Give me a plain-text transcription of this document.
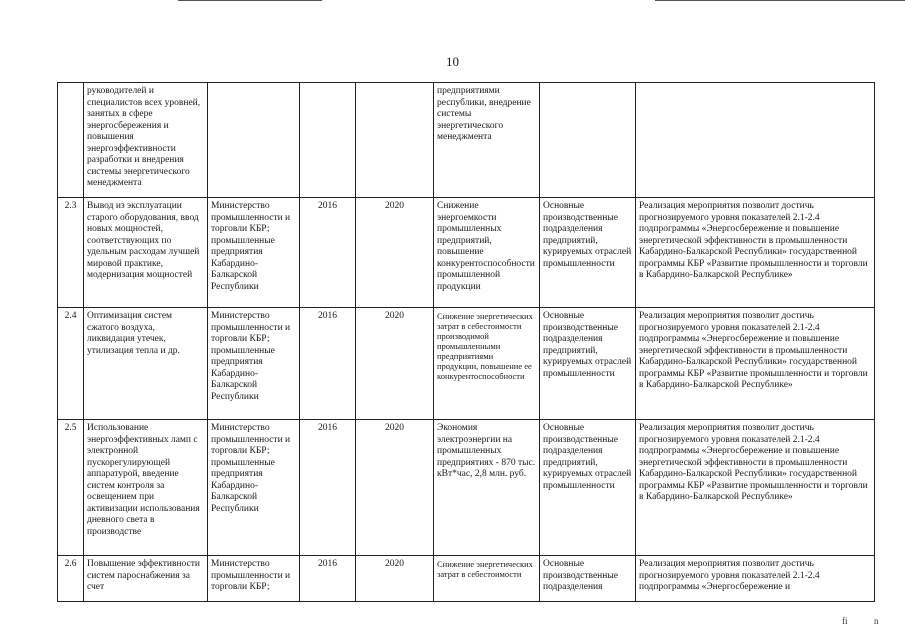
10
	руководителей и специалистов всех уровней, занятых в сфере энергосбережения и повышения энергоэффективности разработки и внедрения системы энергетического менеджмента				предприятиями республики, внедрение системы энергетического менеджмента		
2.3	Вывод из эксплуатации старого оборудования, ввод новых мощностей, соответствующих по удельным расходам лучшей мировой практике, модернизация мощностей	Министерство промышленности и торговли КБР; промышленные предприятия Кабардино-Балкарской Республики	2016	2020	Снижение энергоемкости промышленных предприятий, повышение конкурентоспособности промышленной продукции	Основные производственные подразделения предприятий, курируемых отраслей промышленности	Реализация мероприятия позволит достичь прогнозируемого уровня показателей 2.1-2.4 подпрограммы «Энергосбережение и повышение энергетической эффективности в промышленности Кабардино-Балкарской Республики» государственной программы КБР «Развитие промышленности и торговли в Кабардино-Балкарской Республике»
2.4	Оптимизация систем сжатого воздуха, ликвидация утечек, утилизация тепла и др.	Министерство промышленности и торговли КБР; промышленные предприятия Кабардино-Балкарской Республики	2016	2020	Снижение энергетических затрат в себестоимости производимой промышленными предприятиями продукции, повышение ее конкурентоспособности	Основные производственные подразделения предприятий, курируемых отраслей промышленности	Реализация мероприятия позволит достичь прогнозируемого уровня показателей 2.1-2.4 подпрограммы «Энергосбережение и повышение энергетической эффективности в промышленности Кабардино-Балкарской Республики» государственной программы КБР «Развитие промышленности и торговли в Кабардино-Балкарской Республике»
2.5	Использование энергоэффективных ламп с электронной пускорегулирующей аппаратурой, введение систем контроля за освещением при активизации использования дневного света в производстве	Министерство промышленности и торговли КБР; промышленные предприятия Кабардино-Балкарской Республики	2016	2020	Экономия электроэнергии на промышленных предприятиях - 870 тыс. кВт*час, 2,8 млн. руб.	Основные производственные подразделения предприятий, курируемых отраслей промышленности	Реализация мероприятия позволит достичь прогнозируемого уровня показателей 2.1-2.4 подпрограммы «Энергосбережение и повышение энергетической эффективности в промышленности Кабардино-Балкарской Республики» государственной программы КБР «Развитие промышленности и торговли в Кабардино-Балкарской Республике»
2.6	Повышение эффективности систем пароснабжения за счет	Министерство промышленности и торговли КБР;	2016	2020	Снижение энергетических затрат в себестоимости	Основные производственные подразделения	Реализация мероприятия позволит достичь прогнозируемого уровня показателей 2.1-2.4 подпрограммы «Энергосбережение и
fi	n
